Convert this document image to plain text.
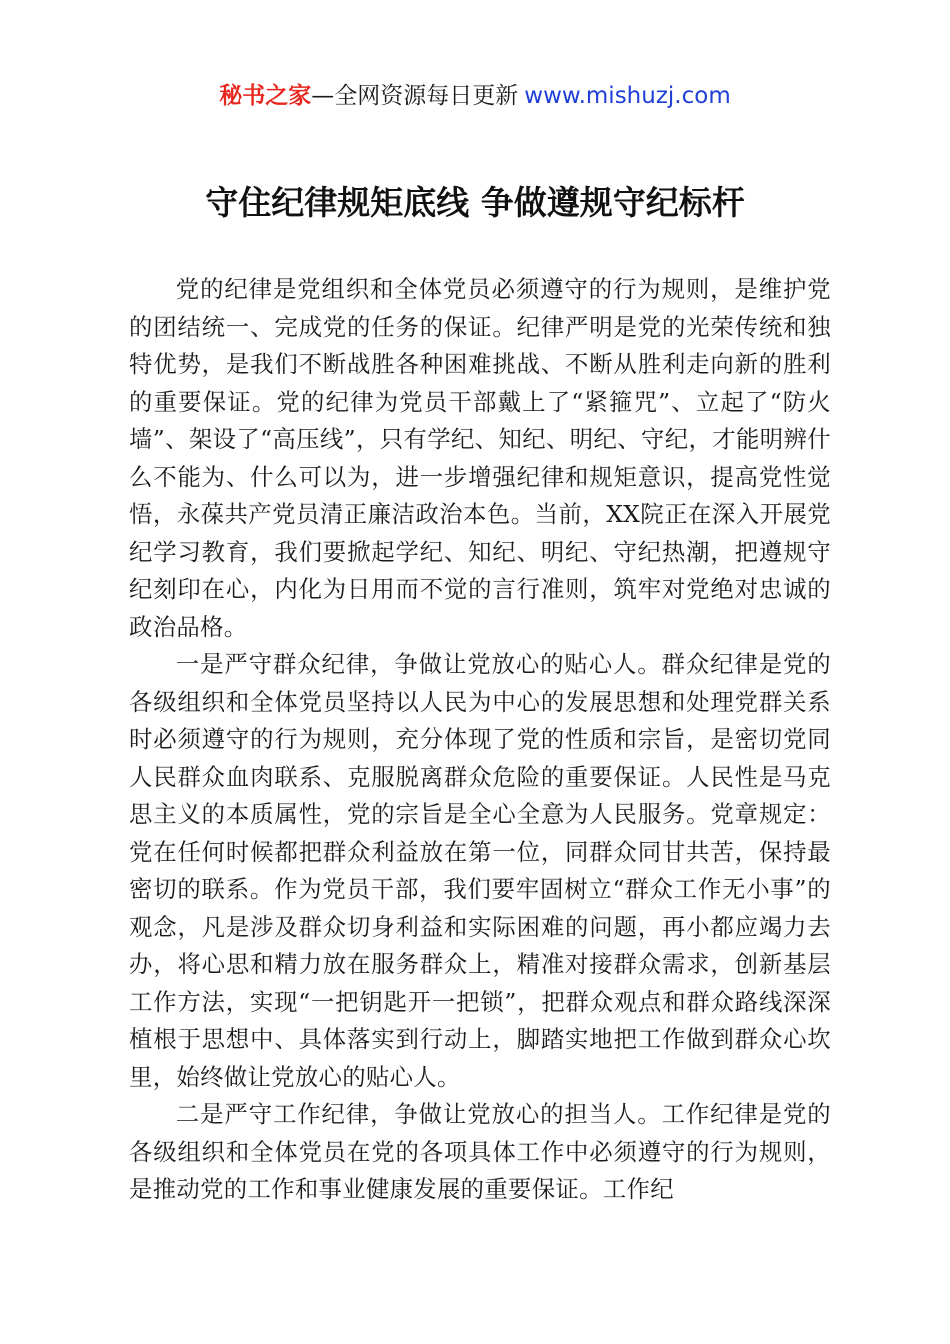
秘书之家—全网资源每日更新 www.mishuzj.com
守住纪律规矩底线 争做遵规守纪标杆

党的纪律是党组织和全体党员必须遵守的行为规则，是维护党的团结统一、完成党的任务的保证。纪律严明是党的光荣传统和独特优势，是我们不断战胜各种困难挑战、不断从胜利走向新的胜利的重要保证。党的纪律为党员干部戴上了“紧箍咒”、立起了“防火墙”、架设了“高压线”，只有学纪、知纪、明纪、守纪，才能明辨什么不能为、什么可以为，进一步增强纪律和规矩意识，提高党性觉悟，永葆共产党员清正廉洁政治本色。当前，XX院正在深入开展党纪学习教育，我们要掀起学纪、知纪、明纪、守纪热潮，把遵规守纪刻印在心，内化为日用而不觉的言行准则，筑牢对党绝对忠诚的政治品格。

一是严守群众纪律，争做让党放心的贴心人。群众纪律是党的各级组织和全体党员坚持以人民为中心的发展思想和处理党群关系时必须遵守的行为规则，充分体现了党的性质和宗旨，是密切党同人民群众血肉联系、克服脱离群众危险的重要保证。人民性是马克思主义的本质属性，党的宗旨是全心全意为人民服务。党章规定：党在任何时候都把群众利益放在第一位，同群众同甘共苦，保持最密切的联系。作为党员干部，我们要牢固树立“群众工作无小事”的观念，凡是涉及群众切身利益和实际困难的问题，再小都应竭力去办，将心思和精力放在服务群众上，精准对接群众需求，创新基层工作方法，实现“一把钥匙开一把锁”，把群众观点和群众路线深深植根于思想中、具体落实到行动上，脚踏实地把工作做到群众心坎里，始终做让党放心的贴心人。

二是严守工作纪律，争做让党放心的担当人。工作纪律是党的各级组织和全体党员在党的各项具体工作中必须遵守的行为规则，是推动党的工作和事业健康发展的重要保证。工作纪
